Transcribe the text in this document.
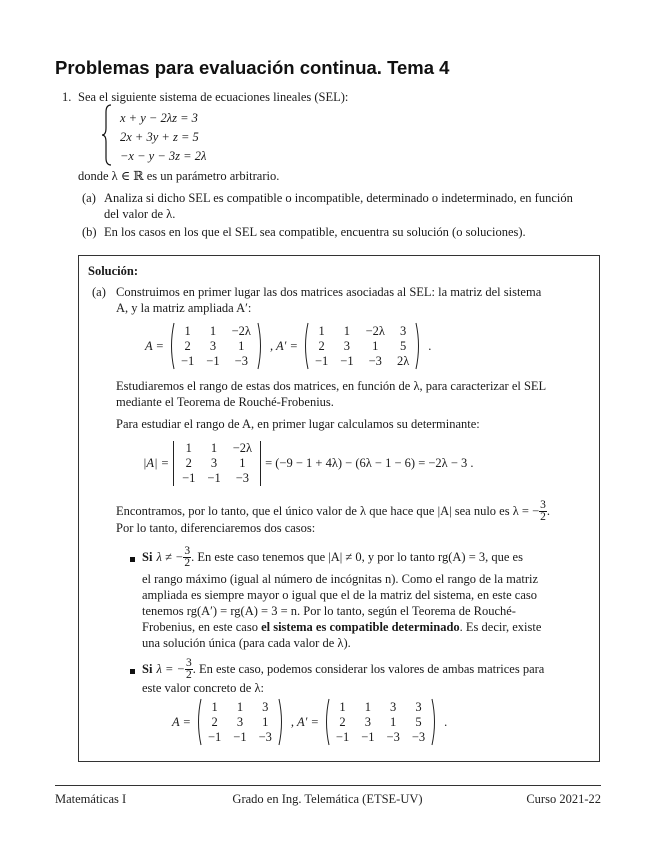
Problemas para evaluación continua. Tema 4
1. Sea el siguiente sistema de ecuaciones lineales (SEL):
x + y − 2λz = 3
2x + 3y + z = 5
−x − y − 3z = 2λ
donde λ ∈ ℝ es un parámetro arbitrario.
(a) Analiza si dicho SEL es compatible o incompatible, determinado o indeterminado, en función
del valor de λ.
(b) En los casos en los que el SEL sea compatible, encuentra su solución (o soluciones).
Solución:
(a) Construimos en primer lugar las dos matrices asociadas al SEL: la matriz del sistema
A, y la matriz ampliada A′:
A =
1	1	−2λ
2	3	1
−1	−1	−3
, A′ =
1	1	−2λ	3
2	3	1	5
−1	−1	−3	2λ
.
Estudiaremos el rango de estas dos matrices, en función de λ, para caracterizar el SEL
mediante el Teorema de Rouché-Frobenius.
Para estudiar el rango de A, en primer lugar calculamos su determinante:
|A| =
1	1	−2λ
2	3	1
−1	−1	−3
= (−9 − 1 + 4λ) − (6λ − 1 − 6) = −2λ − 3 .
Encontramos, por lo tanto, que el único valor de λ que hace que |A| sea nulo es λ = − $\frac{3}{2}$ .
Por lo tanto, diferenciaremos dos casos:
Si λ ≠ − $\frac{3}{2}$ . En este caso tenemos que |A| ≠ 0, y por lo tanto rg(A) = 3, que es
el rango máximo (igual al número de incógnitas n). Como el rango de la matriz
ampliada es siempre mayor o igual que el de la matriz del sistema, en este caso
tenemos rg(A′) = rg(A) = 3 = n. Por lo tanto, según el Teorema de Rouché-
Frobenius, en este caso el sistema es compatible determinado. Es decir, existe
una solución única (para cada valor de λ).
Si λ = − $\frac{3}{2}$ . En este caso, podemos considerar los valores de ambas matrices para
este valor concreto de λ:
A =
1	1	3
2	3	1
−1	−1	−3
, A′ =
1	1	3	3
2	3	1	5
−1	−1	−3	−3
.
Matemáticas I	Grado en Ing. Telemática (ETSE-UV)	Curso 2021-22
